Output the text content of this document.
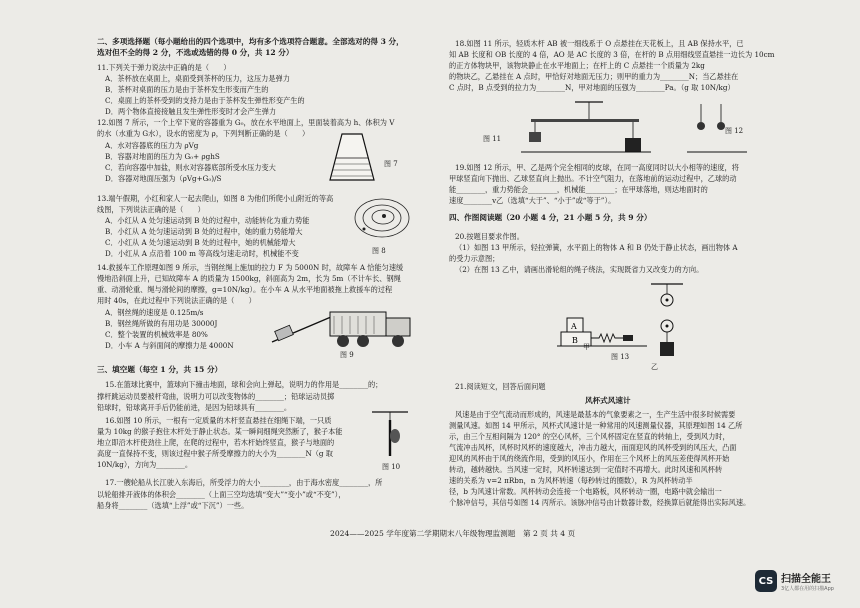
二、多项选择题（每小题给出的四个选项中，均有多个选项符合题意。全部选对的得 3 分，
选对但不全的得 2 分，不选或选错的得 0 分，共 12 分）
11.下列关于弹力说法中正确的是（　　）
A．茶杯放在桌面上，桌面受到茶杯的压力，这压力是弹力
B．茶杯对桌面的压力是由于茶杯发生形变而产生的
C．桌面上的茶杯受到的支持力是由于茶杯发生弹性形变产生的
D．两个物体直接接触且发生弹性形变时才会产生弹力
12.如图 7 所示，一个上窄下宽的容器重为 G₀，放在水平地面上，里面装着高为 h、体积为 V
的水（水重为 G水），设水的密度为 ρ，下列判断正确的是（　　）
A．水对容器底的压力为 ρVg
B．容器对地面的压力为 G₀+ ρghS
C．若向容器中加盐，则水对容器底部所受水压力变大
D．容器对地面压强为（ρVg+G₀)/S
图 7
13.端午假期，小红和家人一起去爬山，如图 8 为他们所爬小山附近的等高
线图，下列说法正确的是（　　）
A．小红从 A 处匀速运动到 B 处的过程中，动能转化为重力势能
B．小红从 A 处匀速运动到 B 处的过程中，她的重力势能增大
C．小红从 A 处匀速运动到 B 处的过程中，她的机械能增大
D．小红从 A 点沿着 100 m 等高线匀速走动时，机械能不变	图 8
14.救援车工作原理如图 9 所示，当钢丝绳上施加的拉力 F 为 5000N 时，故障车 A 恰能匀速缓
慢地沿斜面上升，已知故障车 A 的质量为 1500kg，斜面高为 2m，长为 5m（不计车长、钢绳
重、动滑轮重、绳与滑轮间的摩擦，g=10N/kg）。在小车 A 从水平地面被拖上救援车的过程
用时 40s，在此过程中下列说法正确的是（　　）
A．钢丝绳的速度是 0.125m/s
B．钢丝绳所做的有用功是 30000J
C．整个装置的机械效率是 80%
D．小车 A 与斜面间的摩擦力是 4000N
图 9
三、填空题（每空 1 分，共 15 分）
15.在篮球比赛中，篮球向下撞击地面，球和会向上弹起，说明力的作用是________的；
撑杆跳运动员要被杆弯曲，说明力可以改变物体的________；铅球运动员掷
铅球时，铅球离开手后仍能前进，是因为铅球具有________。
16.如图 10 所示，一根有一定质量的木杆竖直悬挂在细绳下端，一只质
量为 10kg 的猴子抱住木杆处于静止状态。某一瞬间细绳突然断了，猴子本能
地立即沿木杆使劲往上爬，在爬的过程中，若木杆始终竖直，猴子与地面的
高度一直保持不变，则该过程中猴子所受摩擦力的大小为________N（g 取
10N/kg），方向为________。	图 10
17.一艘轮船从长江驶入东海后，所受浮力的大小________，由于海水密度________，所
以轮船排开液体的体积会________（上面三空均选填“变大”“变小”或“不变”），
船身将________（选填“上浮”或“下沉”）一些。
18.如图 11 所示，轻质木杆 AB 被一细线系于 O 点悬挂在天花板上，且 AB 保持水平，已
知 AB 长度和 OB 长度的 4 倍，AO 是 AC 长度的 3 倍，在杆的 B 点用细线竖直悬挂一边长为 10cm
的正方体物块甲，该物块静止在水平地面上；在杆上的 C 点悬挂一个质量为 2kg
的物块乙，乙悬挂在 A 点时，甲恰好对地面无压力；则甲的重力为________N；当乙悬挂在
C 点时，B 点受到的拉力为________N，甲对地面的压强为________Pa。（g 取 10N/kg）
图 11
图 12
19.如图 12 所示，甲、乙是两个完全相同的皮球，在同一高度同时以大小相等的速度，将
甲球竖直向下抛出、乙球竖直向上抛出。不计空气阻力，在落地前的运动过程中，乙球的动
能________，重力势能会________，机械能________；在甲球落地，则达地面时的
速度________v乙（选填“大于”、“小于”或“等于”）。
四、作图阅读题（20 小题 4 分，21 小题 5 分，共 9 分）
20.按题目要求作图。
（1）如图 13 甲所示，轻拉弹簧，水平面上的物体 A 和 B 仍处于静止状态，画出物体 A
的受力示意图；
（2）在图 13 乙中，请画出滑轮组的绳子绕法，实现既省力又改变力的方向。
A
B
甲
乙
图 13
21.阅读短文，回答后面问题
风杯式风速计
风速是由于空气流动而形成的，风速是最基本的气象要素之一，生产生活中很多时候需要
测量风速。如图 14 甲所示，风杯式风速计是一种常用的风速测量仪器，其原理如图 14 乙所
示，由三个互相间隔为 120° 的空心风杯，三个风杯固定在竖直的转轴上，受到风力时，
气流冲击风杯，风杯时风杯的速度越大，冲击力越大，而面迎风的风杯受到的风压大，凸面
迎风的风杯由于风的绕流作用，受到的风压小，作用在三个风杯上的风压差使得风杯开始
转动，越转越快。当风速一定时，风杯转速达到一定值时不再增大。此时风速和风杯转
速的关系为 v=2 πRbn，n 为风杯转速（每秒转过的圈数），R 为风杯转动半
径，b 为风速计常数。风杯转动会连接一个电路板，风杯转动一圈，电路中就会输出一
个脉冲信号，其信号如图 14 丙所示。该脉冲信号由计数器计数，经换算后就能得出实际风速。
2024——2025 学年度第二学期期末八年级物理监测题　第 2 页 共 4 页
CS 扫描全能王
3亿人都在用的扫描App
